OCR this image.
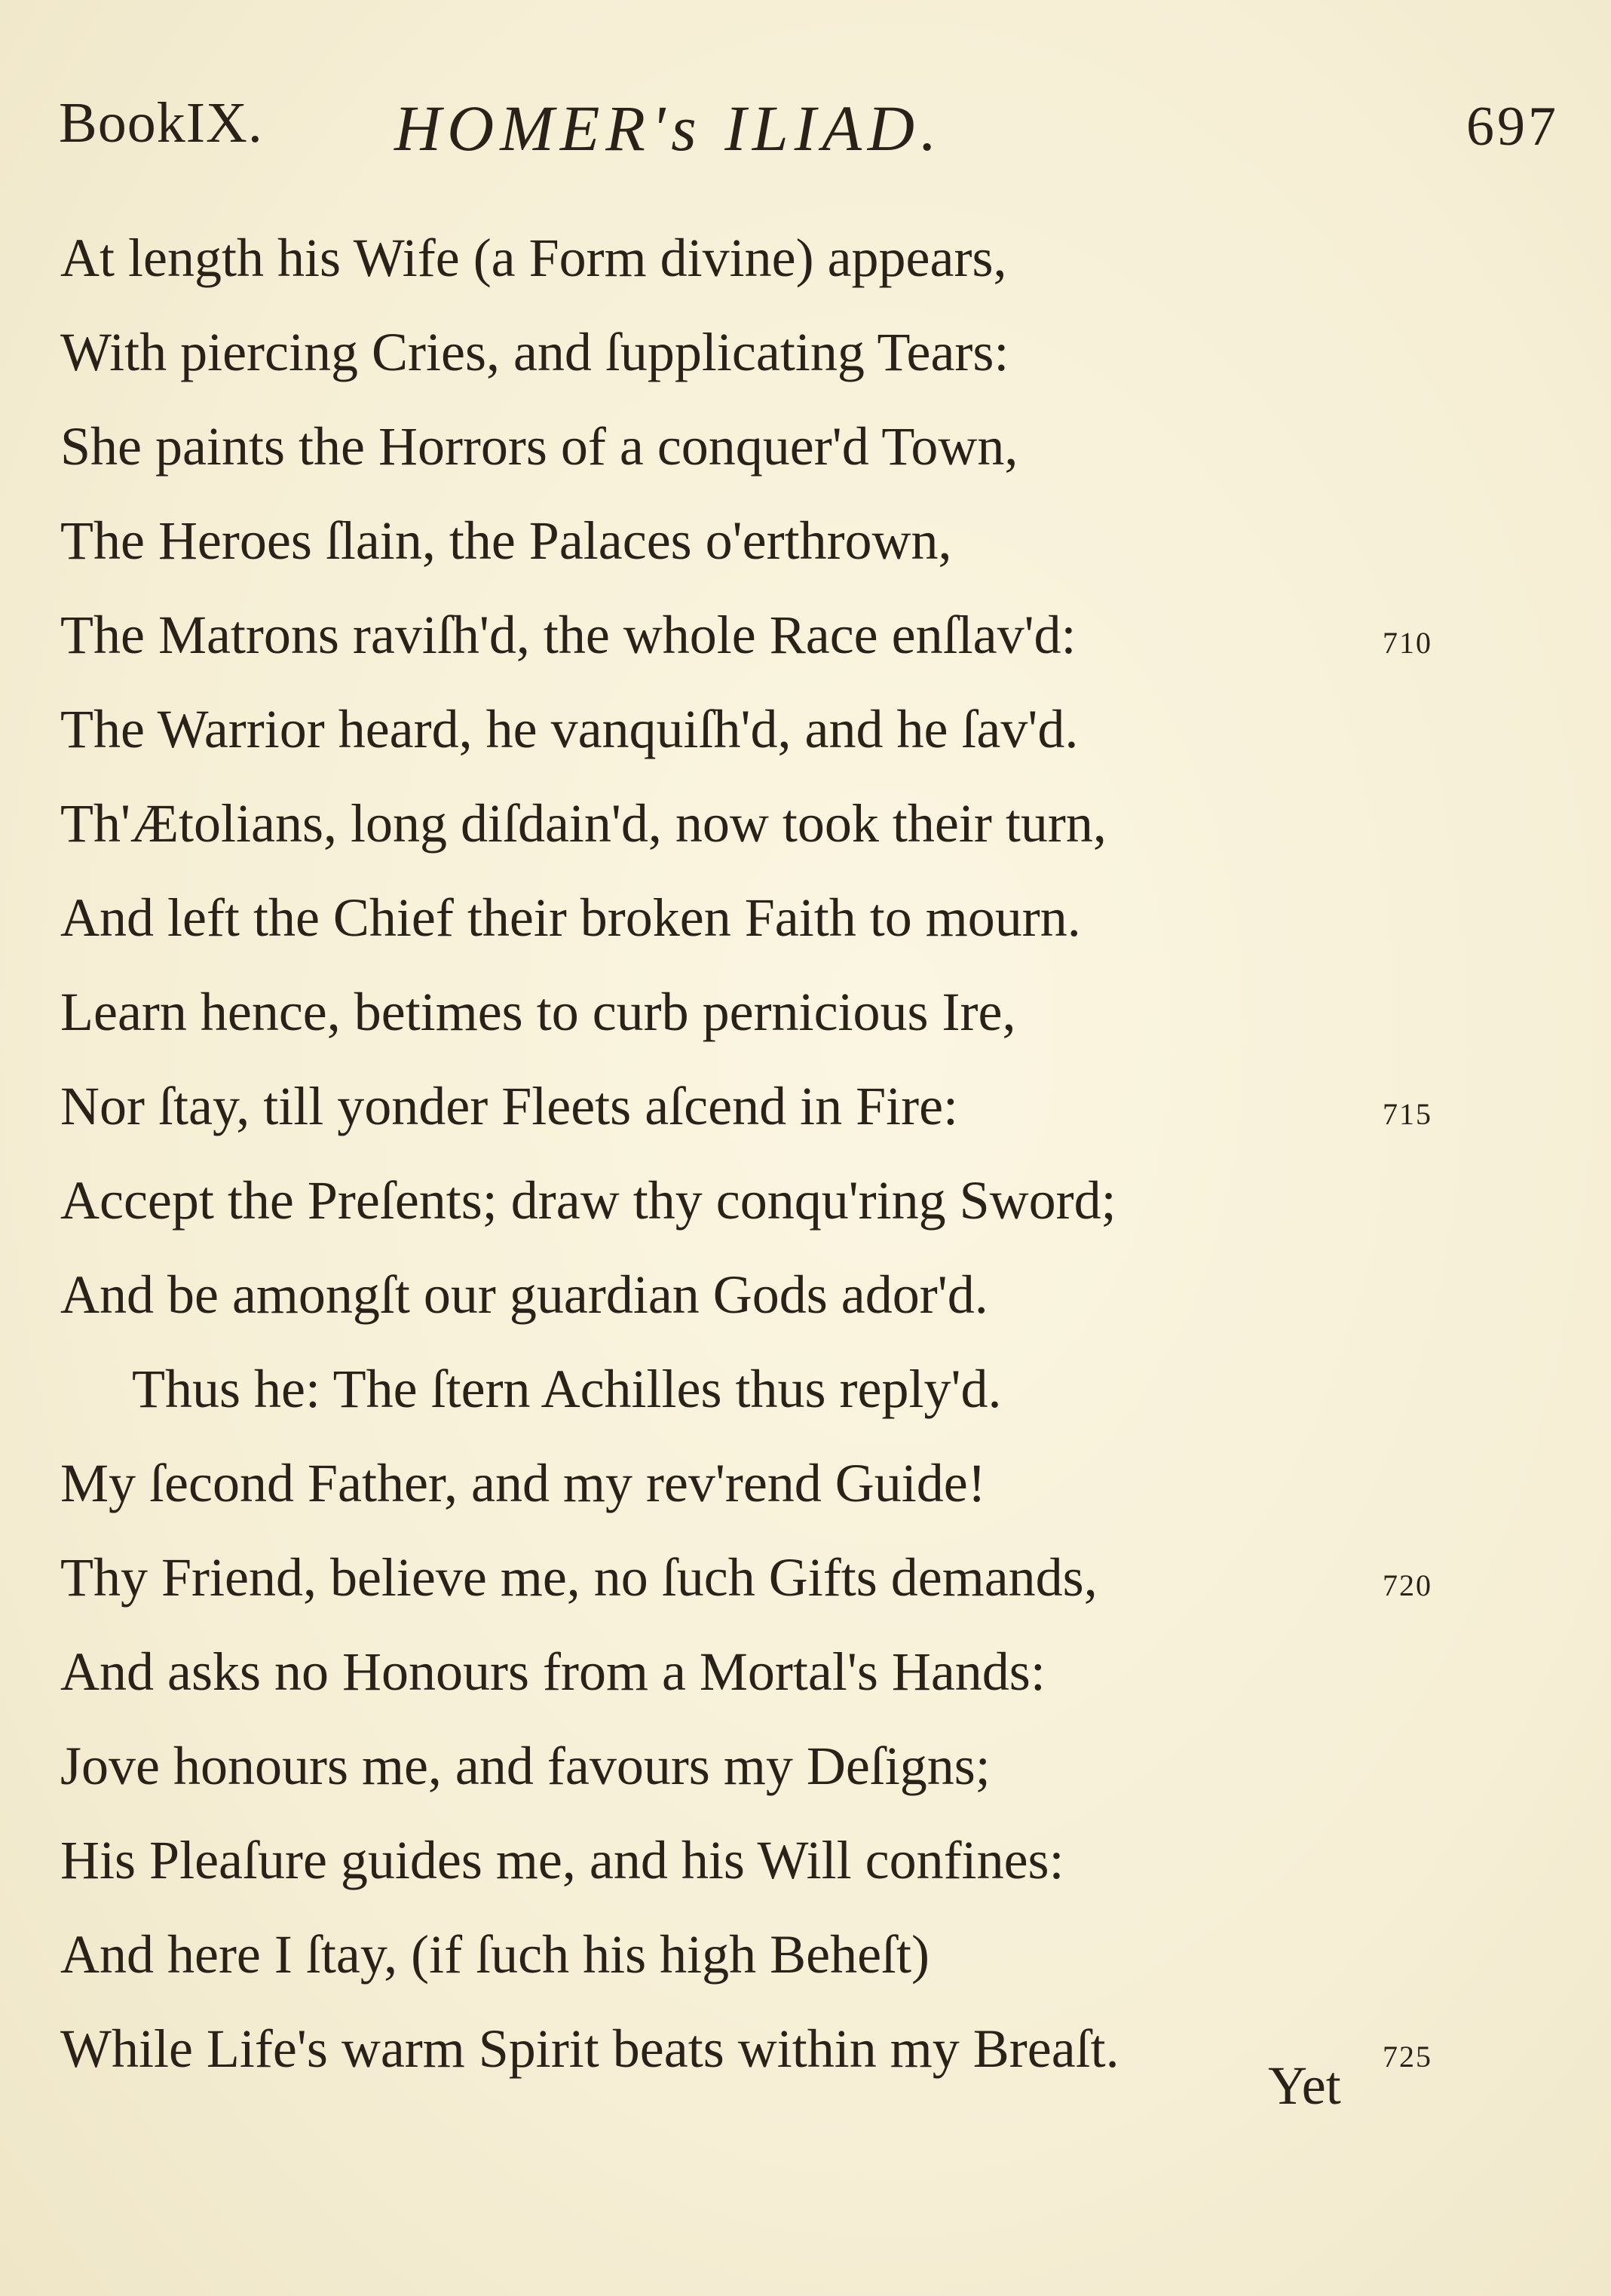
BookIX. HOMER's ILIAD.	697
At length his Wife (a Form divine) appears,
With piercing Cries, and ſupplicating Tears:
She paints the Horrors of a conquer'd Town,
The Heroes ſlain, the Palaces o'erthrown,
The Matrons raviſh'd, the whole Race enſlav'd:	710
The Warrior heard, he vanquiſh'd, and he ſav'd.
Th'Ætolians, long diſdain'd, now took their turn,
And left the Chief their broken Faith to mourn.
Learn hence, betimes to curb pernicious Ire,
Nor ſtay, till yonder Fleets aſcend in Fire:	715
Accept the Preſents; draw thy conqu'ring Sword;
And be amongſt our guardian Gods ador'd.
Thus he: The ſtern Achilles thus reply'd.
My ſecond Father, and my rev'rend Guide!
Thy Friend, believe me, no ſuch Gifts demands,	720
And asks no Honours from a Mortal's Hands:
Jove honours me, and favours my Deſigns;
His Pleaſure guides me, and his Will confines:
And here I ſtay, (if ſuch his high Beheſt)
While Life's warm Spirit beats within my Breaſt.	725
Yet
